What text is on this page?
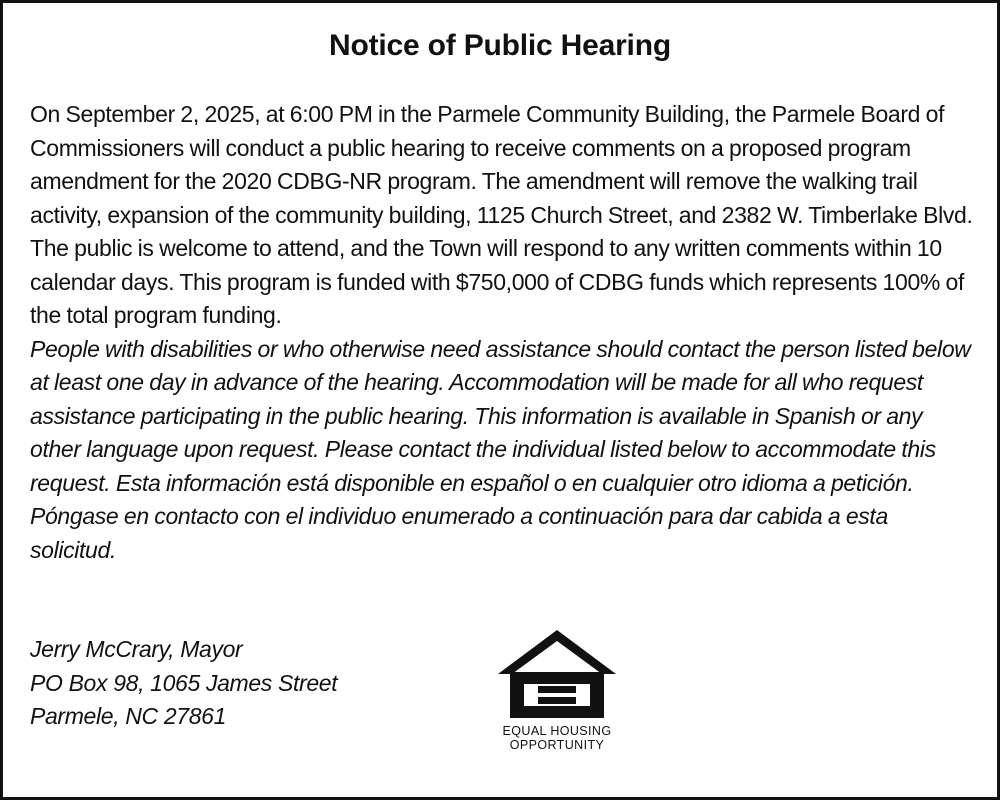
Notice of Public Hearing

On September 2, 2025, at 6:00 PM in the Parmele Community Building, the Parmele Board of Commissioners will conduct a public hearing to receive comments on a proposed program amendment for the 2020 CDBG-NR program. The amendment will remove the walking trail activity, expansion of the community building, 1125 Church Street, and 2382 W. Timberlake Blvd. The public is welcome to attend, and the Town will respond to any written comments within 10 calendar days. This program is funded with $750,000 of CDBG funds which represents 100% of the total program funding.

People with disabilities or who otherwise need assistance should contact the person listed below at least one day in advance of the hearing. Accommodation will be made for all who request assistance participating in the public hearing. This information is available in Spanish or any other language upon request. Please contact the individual listed below to accommodate this request. Esta información está disponible en español o en cualquier otro idioma a petición. Póngase en contacto con el individuo enumerado a continuación para dar cabida a esta solicitud.

Jerry McCrary, Mayor
PO Box 98, 1065 James Street
Parmele, NC 27861
EQUAL HOUSING
OPPORTUNITY
